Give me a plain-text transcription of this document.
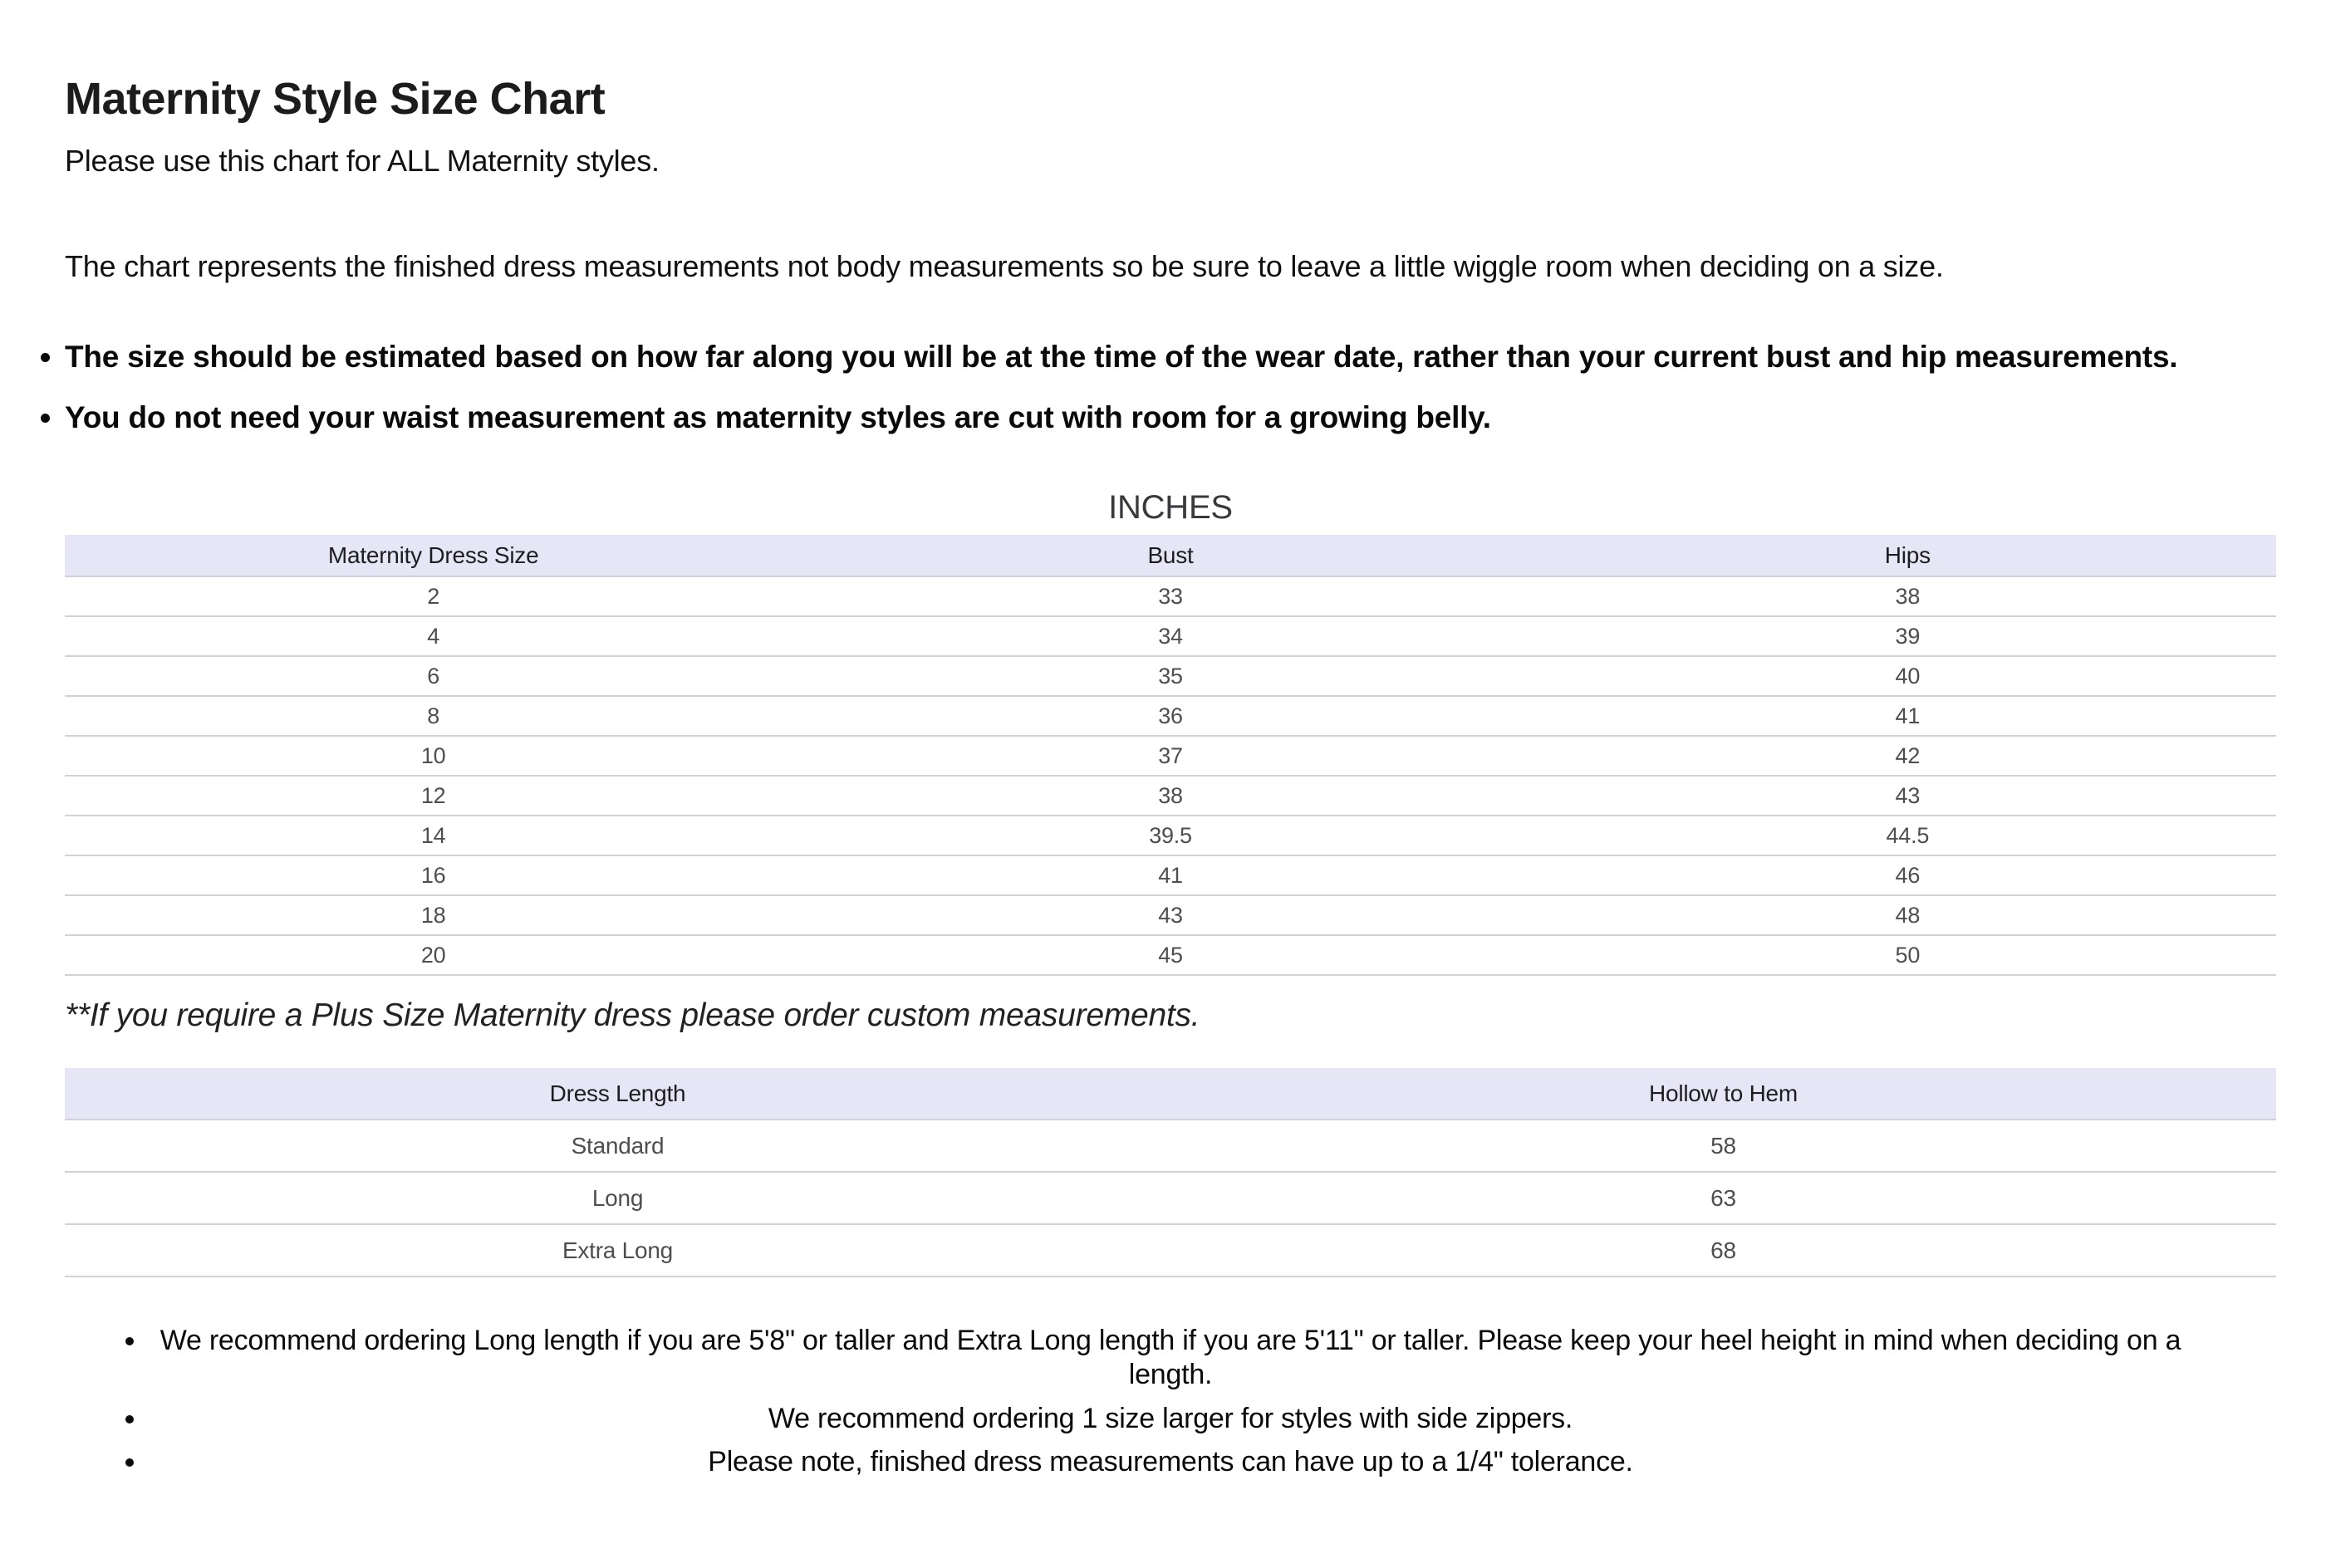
Maternity Style Size Chart

Please use this chart for ALL Maternity styles.

The chart represents the finished dress measurements not body measurements so be sure to leave a little wiggle room when deciding on a size.

• The size should be estimated based on how far along you will be at the time of the wear date, rather than your current bust and hip measurements.
• You do not need your waist measurement as maternity styles are cut with room for a growing belly.
INCHES
Maternity Dress Size	Bust	Hips
2	33	38
4	34	39
6	35	40
8	36	41
10	37	42
12	38	43
14	39.5	44.5
16	41	46
18	43	48
20	45	50

**If you require a Plus Size Maternity dress please order custom measurements.

Dress Length	Hollow to Hem
Standard	58
Long	63
Extra Long	68
• We recommend ordering Long length if you are 5'8" or taller and Extra Long length if you are 5'11" or taller. Please keep your heel height in mind when deciding on a length.
• We recommend ordering 1 size larger for styles with side zippers.
• Please note, finished dress measurements can have up to a 1/4" tolerance.
